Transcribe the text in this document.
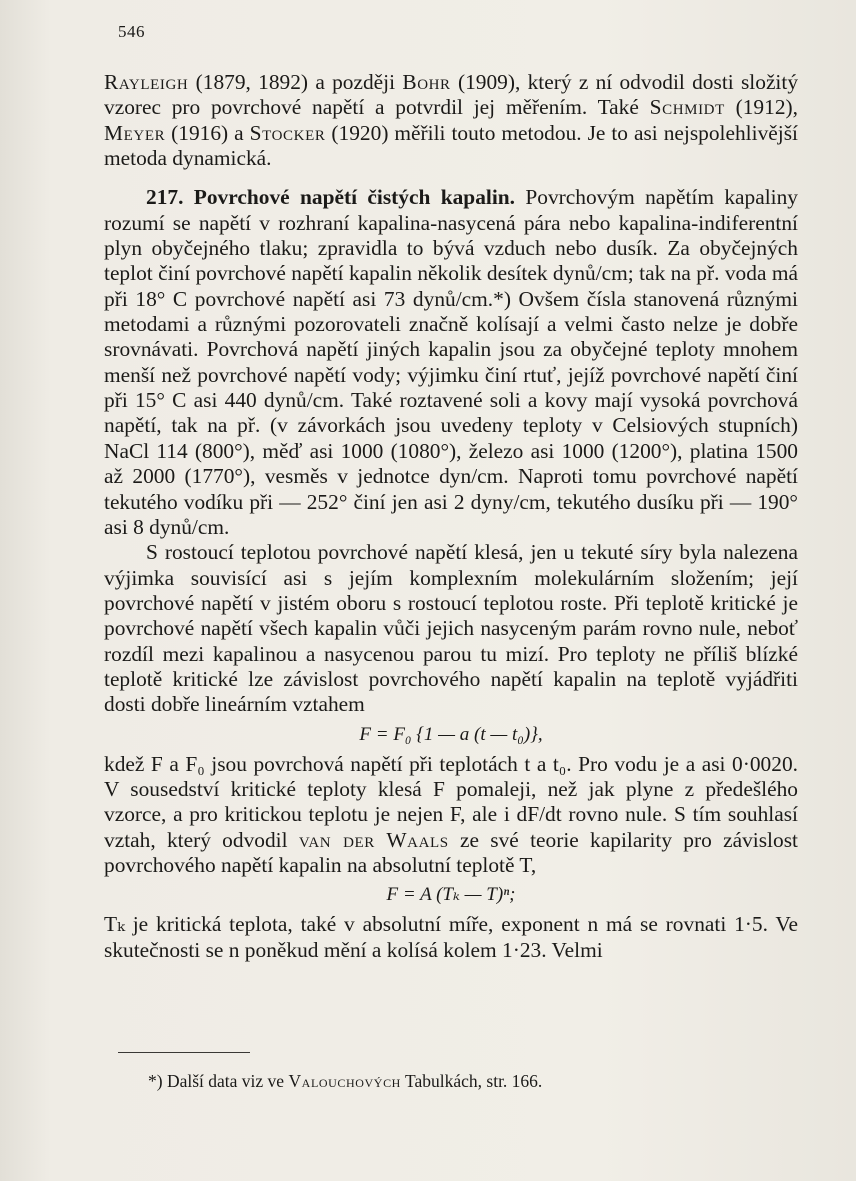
546

Rayleigh (1879, 1892) a později Bohr (1909), který z ní odvodil dosti složitý vzorec pro povrchové napětí a potvrdil jej měřením. Také Schmidt (1912), Meyer (1916) a Stocker (1920) měřili touto metodou. Je to asi nejspolehlivější metoda dynamická.

217. Povrchové napětí čistých kapalin. Povrchovým napětím kapaliny rozumí se napětí v rozhraní kapalina-nasycená pára nebo kapalina-indiferentní plyn obyčejného tlaku; zpravidla to bývá vzduch nebo dusík. Za obyčejných teplot činí povrchové napětí kapalin několik desítek dynů/cm; tak na př. voda má při 18° C povrchové napětí asi 73 dynů/cm.*) Ovšem čísla stanovená různými metodami a různými pozorovateli značně kolísají a velmi často nelze je dobře srovnávati. Povrchová napětí jiných kapalin jsou za obyčejné teploty mnohem menší než povrchové napětí vody; výjimku činí rtuť, jejíž povrchové napětí činí při 15° C asi 440 dynů/cm. Také roztavené soli a kovy mají vysoká povrchová napětí, tak na př. (v závorkách jsou uvedeny teploty v Celsiových stupních) NaCl 114 (800°), měď asi 1000 (1080°), železo asi 1000 (1200°), platina 1500 až 2000 (1770°), vesměs v jednotce dyn/cm. Naproti tomu povrchové napětí tekutého vodíku při — 252° činí jen asi 2 dyny/cm, tekutého dusíku při — 190° asi 8 dynů/cm.

S rostoucí teplotou povrchové napětí klesá, jen u tekuté síry byla nalezena výjimka souvisící asi s jejím komplexním molekulárním složením; její povrchové napětí v jistém oboru s rostoucí teplotou roste. Při teplotě kritické je povrchové napětí všech kapalin vůči jejich nasyceným parám rovno nule, neboť rozdíl mezi kapalinou a nasycenou parou tu mizí. Pro teploty ne příliš blízké teplotě kritické lze závislost povrchového napětí kapalin na teplotě vyjádřiti dosti dobře lineárním vztahem

F = F₀ {1 — a (t — t₀)},

kdež F a F₀ jsou povrchová napětí při teplotách t a t₀. Pro vodu je a asi 0·0020. V sousedství kritické teploty klesá F pomaleji, než jak plyne z předešlého vzorce, a pro kritickou teplotu je nejen F, ale i dF/dt rovno nule. S tím souhlasí vztah, který odvodil van der Waals ze své teorie kapilarity pro závislost povrchového napětí kapalin na absolutní teplotě T,

F = A (Tₖ — T)ⁿ;

Tₖ je kritická teplota, také v absolutní míře, exponent n má se rovnati 1·5. Ve skutečnosti se n poněkud mění a kolísá kolem 1·23. Velmi

*) Další data viz ve Valouchových Tabulkách, str. 166.
